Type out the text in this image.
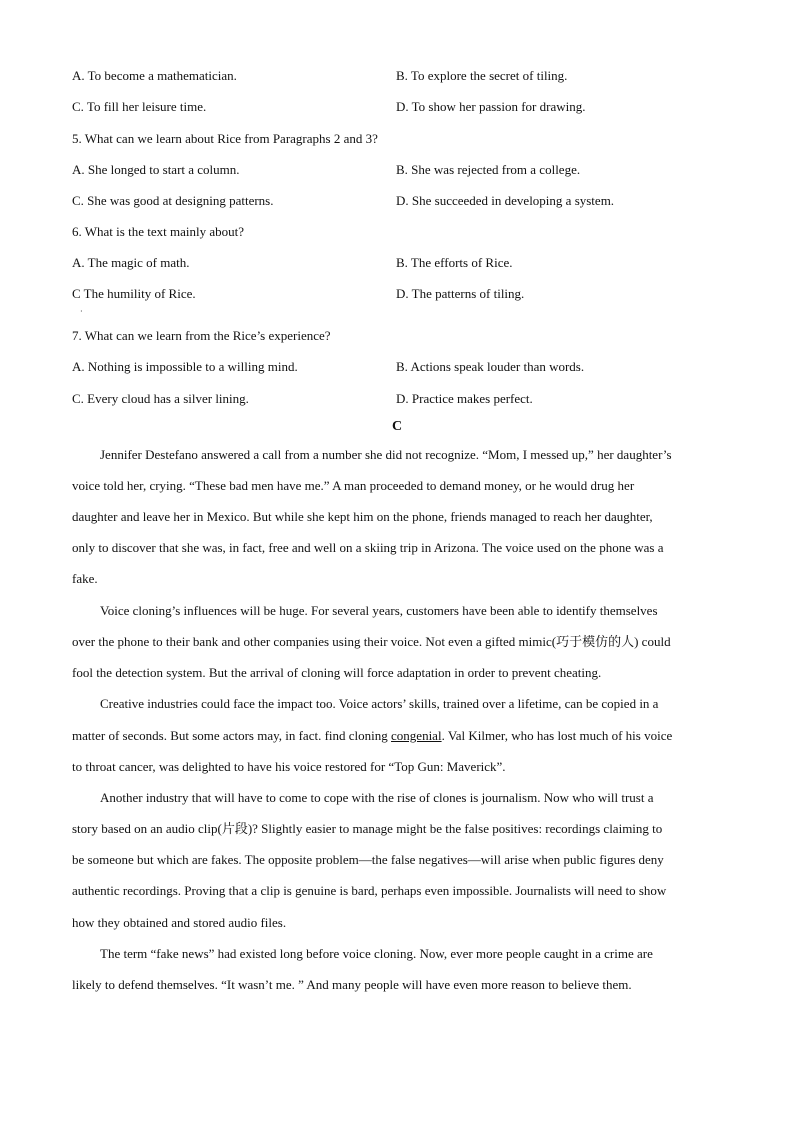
A. To become a mathematician.	B. To explore the secret of tiling.
C. To fill her leisure time.	D. To show her passion for drawing.
5. What can we learn about Rice from Paragraphs 2 and 3?
A. She longed to start a column.	B. She was rejected from a college.
C. She was good at designing patterns.	D. She succeeded in developing a system.
6. What is the text mainly about?
A. The magic of math.	B. The efforts of Rice.
C The humility of Rice.	D. The patterns of tiling.
·
7. What can we learn from the Rice’s experience?
A. Nothing is impossible to a willing mind.	B. Actions speak louder than words.
C. Every cloud has a silver lining.	D. Practice makes perfect.
C
Jennifer Destefano answered a call from a number she did not recognize. “Mom, I messed up,” her daughter’s
voice told her, crying. “These bad men have me.” A man proceeded to demand money, or he would drug her
daughter and leave her in Mexico. But while she kept him on the phone, friends managed to reach her daughter,
only to discover that she was, in fact, free and well on a skiing trip in Arizona. The voice used on the phone was a
fake.
Voice cloning’s influences will be huge. For several years, customers have been able to identify themselves
over the phone to their bank and other companies using their voice. Not even a gifted mimic(巧于模仿的人) could
fool the detection system. But the arrival of cloning will force adaptation in order to prevent cheating.
Creative industries could face the impact too. Voice actors’ skills, trained over a lifetime, can be copied in a
matter of seconds. But some actors may, in fact. find cloning congenial. Val Kilmer, who has lost much of his voice
to throat cancer, was delighted to have his voice restored for “Top Gun: Maverick”.
Another industry that will have to come to cope with the rise of clones is journalism. Now who will trust a
story based on an audio clip(片段)? Slightly easier to manage might be the false positives: recordings claiming to
be someone but which are fakes. The opposite problem—the false negatives—will arise when public figures deny
authentic recordings. Proving that a clip is genuine is bard, perhaps even impossible. Journalists will need to show
how they obtained and stored audio files.
The term “fake news” had existed long before voice cloning. Now, ever more people caught in a crime are
likely to defend themselves. “It wasn’t me. ” And many people will have even more reason to believe them.
